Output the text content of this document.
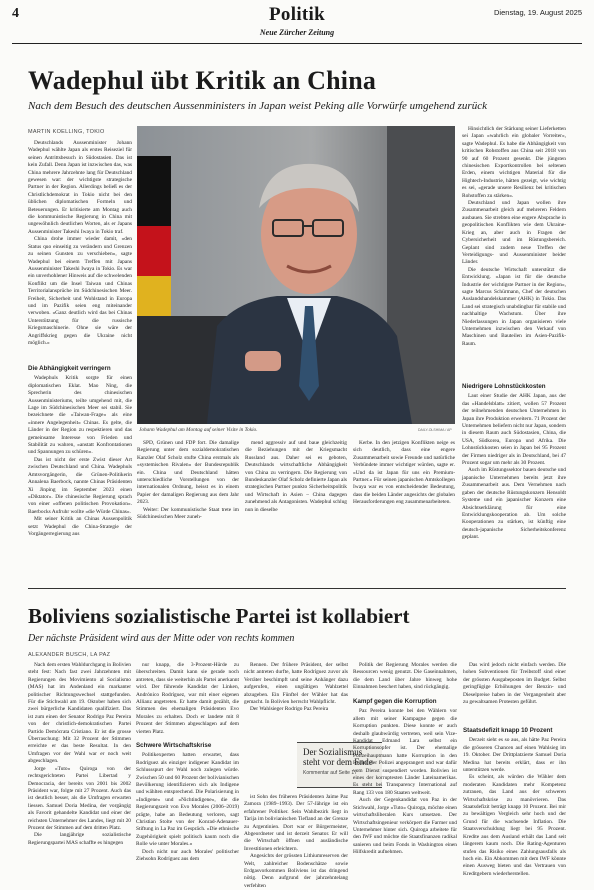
4	Politik
Neue Zürcher Zeitung
Dienstag, 19. August 2025
Wadephul übt Kritik an China
Nach dem Besuch des deutschen Aussenministers in Japan weist Peking alle Vorwürfe umgehend zurück
MARTIN KOELLING, TOKIO

Deutschlands Aussenminister Johann Wadephul wählte Japan als erstes Reiseziel für seinen Antrittsbesuch in Südostasien. Das ist kein Zufall. Denn Japan ist inzwischen das, was China mehrere Jahrzehnte lang für Deutschland gewesen war: der wichtigste strategische Partner in der Region. Allerdings beließ es der Christlichdemokrat in Tokio nicht bei den üblichen diplomatischen Formeln und Beteuerungen. Er kritisierte am Montag auch die kommunistische Regierung in China mit ungewöhnlich deutlichen Worten, als er Japans Aussenminister Takeshi Iwaya in Tokio traf.

China drohe immer wieder damit, «den Status quo einseitig zu verändern und Grenzen zu seinen Gunsten zu verschieben», sagte Wadephul bei einem Treffen mit Japans Aussenminister Takeshi Iwaya in Tokio. Es war ein unverhohlener Hinweis auf die schwelenden Konflikt um die Insel Taiwan und Chinas Territorialansprüche im Südchinesischen Meer. Freiheit, Sicherheit und Wohlstand in Europa und im Pazifik seien eng miteinander verwoben. «Ganz deutlich wird das bei Chinas Unterstützung für die russische Kriegsmaschinerie. Ohne sie wäre der Angriffskrieg gegen die Ukraine nicht möglich.»

Die Abhängigkeit verringern

Wadephuls Kritik sorgte für einen diplomatischen Eklat. Mao Ning, die Sprecherin des chinesischen Aussenministeriums, teilte umgehend mit, die Lage im Südchinesischen Meer sei stabil. Sie bezeichnete die «Taiwan-Frage» als eine «innere Angelegenheit» Chinas. Es gelte, die Länder in der Region zu respektieren und das gemeinsame Interesse von Frieden und Stabilität zu wahren, «anstatt Konfrontationen und Spannungen zu schüren».

Das ist nicht der erste Zwist dieser Art zwischen Deutschland und China. Wadephuls Amtsvorgängerin, die Grünen-Politikerin Annalena Baerbock, nannte Chinas Präsidenten Xi Jinping im September 2023 einen «Diktator». Die chinesische Regierung sprach von einer «offenen politischen Provokation». Baerbocks Aufruhr wollte «die Würde Chinas».

Mit seiner Kritik an Chinas Aussenpolitik setzt Wadephul die China-Strategie der Vorgängerregierung aus

Johann Wadephul am Montag auf seiner Visite in Tokio.	DAILY-OLSHIMA / AP

SPD, Grünen und FDP fort. Die damalige Regierung unter dem sozialdemokratischen Kanzler Olaf Scholz stufte China erstmals als «systemischen Rivalen» der Bundesrepublik ein. China und Deutschland hätten unterschiedliche Vorstellungen von der internationalen Ordnung, heisst es in einem Papier der damaligen Regierung aus dem Jahr 2023.

Weiter: Der kommunistische Staat trete im Südchinesischen Meer zuneh-

mend aggressiv auf und baue gleichzeitig die Beziehungen mit der Kriegsmacht Russland aus. Daher sei es geboten, Deutschlands wirtschaftliche Abhängigkeit von China zu verringern. Die Regierung von Bundeskanzler Olaf Scholz definierte Japan als strategischen Partner punkto Sicherheitspolitik und Wirtschaft in Asien – China dagegen zunehmend als Antagonisten. Wadephul schlug nun in dieselbe

Kerbe. In den jetzigen Konflikten neige es sich deutlich, dass eine engere Zusammenarbeit sowie Freunde und natürliche Verbündete immer wichtiger würden, sagte er. «Und da ist Japan für uns ein Premium-Partner.» Für seinen japanischen Amtskollegen Iwaya war es von entscheidender Bedeutung, dass die beiden Länder angesichts der globalen Herausforderungen eng zusammenarbeiteten.

Hinsichtlich der Stärkung seiner Lieferketten sei Japan «wahrlich ein globaler Vorreiter», sagte Wadephul. Es habe die Abhängigkeit von kritischen Rohstoffen aus China seit 2018 von 90 auf 60 Prozent gesenkt. Die jüngsten chinesischen Exportkontrollen bei seltenen Erden, einem wichtigen Material für die Hightech-Industrie, hätten gezeigt, wie wichtig es sei, «gerade unsere Resilienz bei kritischen Rohstoffen zu stärken».

Deutschland und Japan wollen ihre Zusammenarbeit gleich auf mehreren Feldern ausbauen. Sie strebten eine engere Absprache in geopolitischen Konflikten wie dem Ukraine-Krieg an, aber auch in Fragen der Cybersicherheit und im Rüstungsbereich. Geplant sind zudem neue Treffen der Verteidigungs- und Aussenminister beider Länder.

Die deutsche Wirtschaft unterstützt die Entwicklung. «Japan ist für die deutsche Industrie der wichtigste Partner in der Region», sagte Marcus Schürmann, Chef der deutschen Auslandshandelskammer (AHK) in Tokio. Das Land sei strategisch unabdingbar für stabile und nachhaltige Wachstum. Über ihre Niederlassungen in Japan organisieren viele Unternehmen inzwischen den Verkauf von Maschinen und Bauteilen im Asien-Pazifik-Raum.

Niedrigere Lohnstückkosten

Laut einer Studie der AHK Japan, aus der das «Handelsblatt» zitiert, wollen 57 Prozent der teilnehmenden deutschen Unternehmen in Japan ihre Produktion erweitern. 71 Prozent der Unternehmen beliefern nicht nur Japan, sondern in diesem Raum auch Südostasien, China, die USA, Südkorea, Europa und Afrika. Die Lohnstückkosten seien in Japan bei 95 Prozent der Firmen niedriger als in Deutschland, bei 47 Prozent sogar um mehr als 30 Prozent.

Auch im Rüstungssektor bauen deutsche und japanische Unternehmen bereits jetzt ihre Zusammenarbeit aus. Dem Vernehmen nach gaben der deutsche Rüstungskonzern Hensoldt Systeme und ein japanischer Konzern eine Absichtserklärung für eine Entwicklungskooperation ab. Um solche Kooperationen zu stärken, ist künftig eine deutsch-japanische Sicherheitskonferenz geplant.

Boliviens sozialistische Partei ist kollabiert
Der nächste Präsident wird aus der Mitte oder von rechts kommen
ALEXANDER BUSCH, LA PAZ

Nach dem ersten Wahldurchgang in Bolivien steht fest: Nach fast zwei Jahrzehnten mit Regierungen des Movimiento al Socialismo (MAS) hat im Andenland ein markanter politischer Richtungswechsel stattgefunden. Für die Stichwahl am 19. Oktober haben sich zwei bürgerliche Kandidaten qualifiziert. Das ist zum einen der Senator Rodrigo Paz Pereira von der christlich-demokratischen Partei Partido Demócrata Cristiano. Er ist die grosse Überraschung: Mit 32 Prozent der Stimmen erreichte er das beste Resultat. In den Umfragen vor der Wahl war er noch weit abgeschlagen.

Jorge «Tuto» Quiroga von der rechtsgerichteten Partei Libertad y Democracia, der bereits von 2001 bis 2002 Präsident war, folgte mit 27 Prozent. Auch das ist deutlich besser, als die Umfragen erwarten liessen. Samuel Doria Medina, der vorgängig als Favorit gehandelte Kandidat und einer der reichsten Unternehmer des Landes, liegt mit 20 Prozent der Stimmen auf dem dritten Platz.

Die langjährige sozialistische Regierungspartei MAS schaffte es hingegen

nur knapp, die 3-Prozent-Hürde zu überschreiten. Damit kann sie gerade noch antreten, dass sie weiterhin als Partei anerkannt wird. Der führende Kandidat der Linken, Andrónico Rodríguez, war mit einer eigenen Allianz angetreten. Er hatte damit gezählt, die Stimmen des ehemaligen Präsidenten Evo Morales zu erhalten. Doch er landete mit 8 Prozent der Stimmen abgeschlagen auf dem vierten Platz.

Schwere Wirtschaftskrise

Politikexperten hatten erwartet, dass Rodríguez als einziger indigener Kandidat im Schlussspurt der Wahl noch zulegen würde. Zwischen 50 und 60 Prozent der bolivianischen Bevölkerung identifizieren sich als Indigene und wählten entsprechend. Die Polarisierung in «Indigene» und «Nichtindigene», die die Regierungszeit von Evo Morales (2006–2019) prägte, habe an Bedeutung verloren, sagt Christian Stolte von der Konrad-Adenauer-Stiftung in La Paz im Gespräch. «Die ethnische Zugehörigkeit spielt politisch kaum noch die Rolle wie unter Morales.»

Doch nicht nur auch Morales' politischer Ziehsohn Rodríguez aus dem

Rennen. Der frühere Präsident, der selbst nicht antreten durfte, hatte Rodríguez zuvor als Verräter beschimpft und seine Anhänger dazu aufgerufen, einen ungültigen Wahlzettel abzugeben. Ein Fünftel der Wähler hat das gemacht. In Bolivien herrscht Wahlpflicht.

Der Wahlsieger Rodrigo Paz Pereira

Der Sozialismus steht vor dem Ende
Kommentar auf Seite 17

ist Sohn des früheren Präsidenten Jaime Paz Zamora (1989–1993). Der 57-Jährige ist ein erfahrener Politiker. Sein Wahlbezirk liegt in Tarija im bolivianischen Tiefland an der Grenze zu Argentinien. Dort war er Bürgermeister, Abgeordneter und ist derzeit Senator. Er will die Wirtschaft öffnen und ausländische Investitionen erleichtern.

Angesichts der grössten Lithiumreserven der Welt, zahlreicher Bodenschätze sowie Erdgasvorkommen Boliviens ist das dringend nötig. Denn aufgrund der jahrzehntelang verfehlten

Politik der Regierung Morales werden die Ressourcen wenig genutzt. Die Gaseinnahmen, die dem Land über Jahre hinweg hohe Einnahmen beschert haben, sind rückgängig.

Kampf gegen die Korruption

Paz Pereira konnte bei den Wählern vor allem mit seiner Kampagne gegen die Korruption punkten. Diese konnte er auch deshalb glaubwürdig vertreten, weil sein Vize-Kandidat Edmand Lara selbst ein Korruptionsopfer ist. Der ehemalige Polizeihauptmann hatte Korruption in den Reihen der Polizei angeprangert und war dafür vom Dienst suspendiert worden. Bolivien ist eines der korruptesten Länder Lateinamerikas. Es steht bei Transparency International auf Rang 133 von 180 Staaten weltweit.

Auch der Gegenkandidat von Paz in der Stichwahl, Jorge «Tuto» Quiroga, möchte einen wirtschaftsliberalen Kurs umsetzen. Der Wirtschaftsingenieur verkörpert die Farmer und Unternehmer hinter sich. Quiroga arbeitete für den IWF und möchte die Staatsfinanzen radikal sanieren und beim Fonds in Washington einen Hilfskredit aufnehmen.

Das wird jedoch nicht einfach werden. Die hohen Subventionen für Treibstoff sind einer der grössten Ausgabeposten im Budget. Selbst geringfügige Erhöhungen der Benzin- und Dieselpreise haben in der Vergangenheit aber zu gewaltsamen Protesten geführt.

Staatsdefizit knapp 10 Prozent

Derzeit sieht es so aus, als hätte Paz Pereira die grösseren Chancen auf einen Wahlsieg im 19. Oktober. Der Drittplatzierte Samuel Doria Medina hat bereits erklärt, dass er ihn unterstützen werde.

Es scheint, als würden die Wähler dem moderaten Kandidaten mehr Kompetenz zutrauen, das Land aus der schweren Wirtschaftskrise zu manövrieren. Das Staatsdefizit beträgt knapp 10 Prozent. Bei mir zu bewältigen Vergleich sehr hoch und der Grund für die wachsende Inflation. Die Staatsverschuldung liegt bei 95 Prozent. Kredite aus dem Ausland erhält das Land seit längerem kaum noch. Die Rating-Agenturen stufen das Risiko eines Zahlungsausfalls als hoch ein. Ein Abkommen mit dem IWF könnte einen Ausweg bieten und das Vertrauen von Kreditgebern wiederherstellen.
